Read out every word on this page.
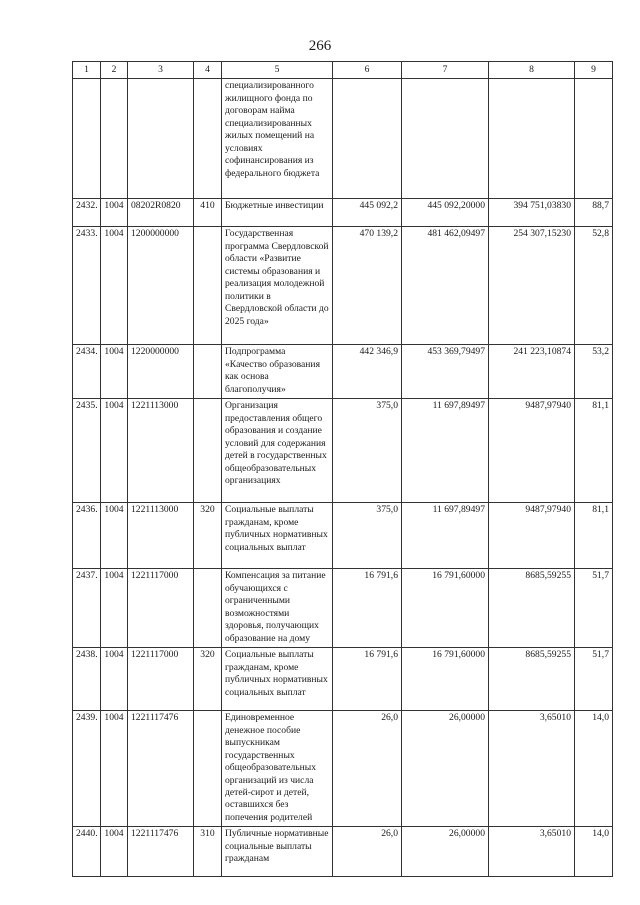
266
1	2	3	4	5	6	7	8	9
				специализированного жилищного фонда по договорам найма специализированных жилых помещений на условиях софинансирования из федерального бюджета				
2432.	1004	08202R0820	410	Бюджетные инвестиции	445 092,2	445 092,20000	394 751,03830	88,7
2433.	1004	1200000000		Государственная программа Свердловской области «Развитие системы образования и реализация молодежной политики в Свердловской области до 2025 года»	470 139,2	481 462,09497	254 307,15230	52,8
2434.	1004	1220000000		Подпрограмма «Качество образования как основа благополучия»	442 346,9	453 369,79497	241 223,10874	53,2
2435.	1004	1221113000		Организация предоставления общего образования и создание условий для содержания детей в государственных общеобразовательных организациях	375,0	11 697,89497	9487,97940	81,1
2436.	1004	1221113000	320	Социальные выплаты гражданам, кроме публичных нормативных социальных выплат	375,0	11 697,89497	9487,97940	81,1
2437.	1004	1221117000		Компенсация за питание обучающихся с ограниченными возможностями здоровья, получающих образование на дому	16 791,6	16 791,60000	8685,59255	51,7
2438.	1004	1221117000	320	Социальные выплаты гражданам, кроме публичных нормативных социальных выплат	16 791,6	16 791,60000	8685,59255	51,7
2439.	1004	1221117476		Единовременное денежное пособие выпускникам государственных общеобразовательных организаций из числа детей-сирот и детей, оставшихся без попечения родителей	26,0	26,00000	3,65010	14,0
2440.	1004	1221117476	310	Публичные нормативные социальные выплаты гражданам	26,0	26,00000	3,65010	14,0
